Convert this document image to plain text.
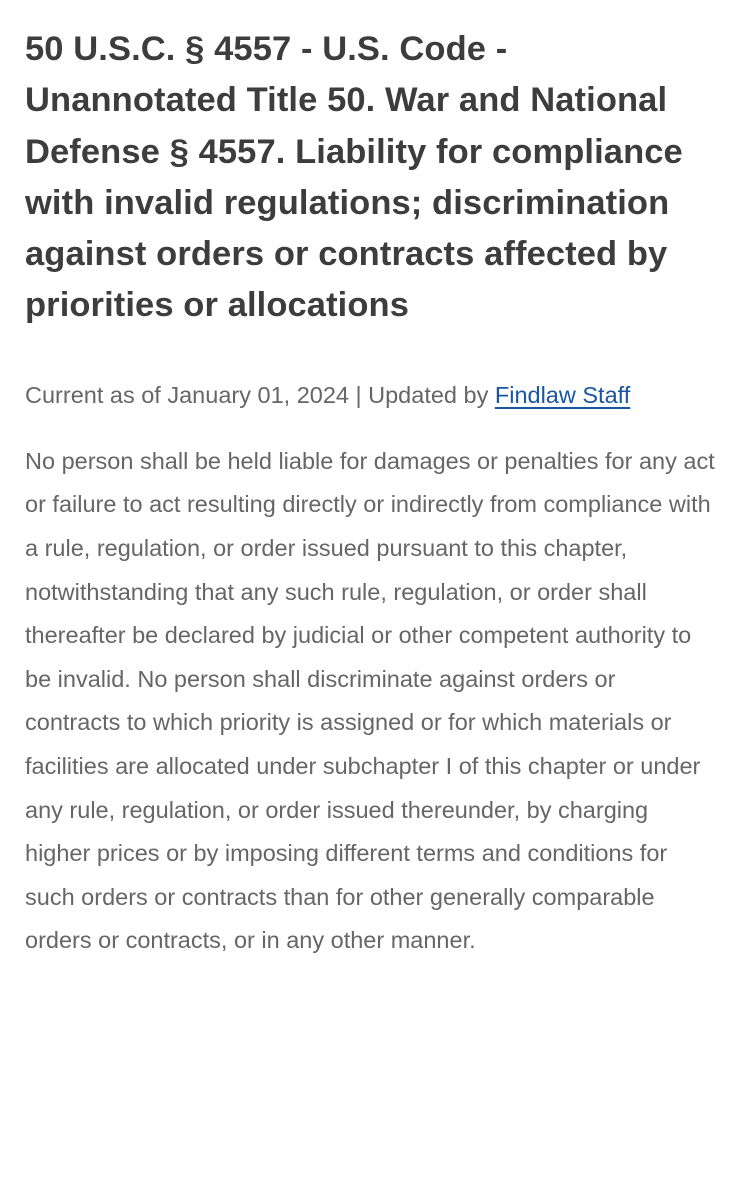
50 U.S.C. § 4557 - U.S. Code - Unannotated Title 50. War and National Defense § 4557. Liability for compliance with invalid regulations; discrimination against orders or contracts affected by priorities or allocations
Current as of January 01, 2024 | Updated by Findlaw Staff
No person shall be held liable for damages or penalties for any act or failure to act resulting directly or indirectly from compliance with a rule, regulation, or order issued pursuant to this chapter, notwithstanding that any such rule, regulation, or order shall thereafter be declared by judicial or other competent authority to be invalid. No person shall discriminate against orders or contracts to which priority is assigned or for which materials or facilities are allocated under subchapter I of this chapter or under any rule, regulation, or order issued thereunder, by charging higher prices or by imposing different terms and conditions for such orders or contracts than for other generally comparable orders or contracts, or in any other manner.
